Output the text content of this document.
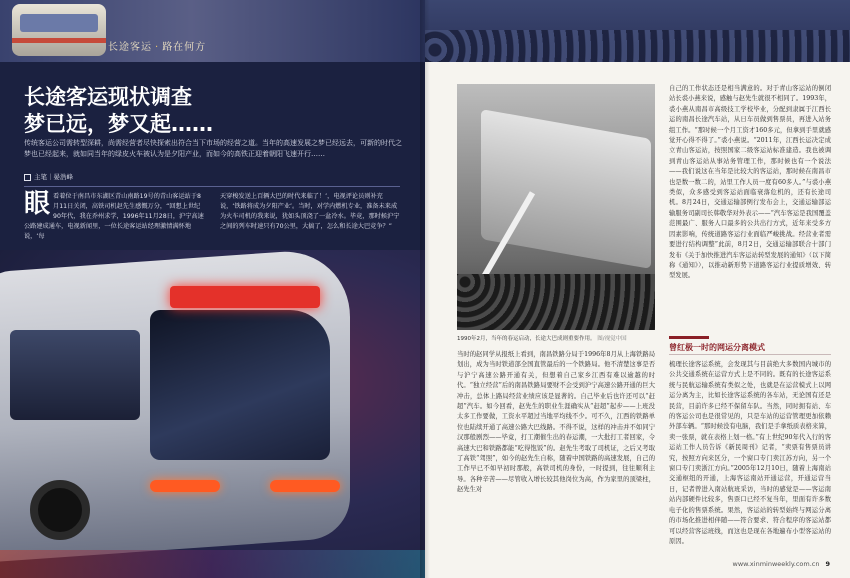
长途客运 · 路在何方
长途客运现状调查
梦已远，梦又起……
传统客运公司需转型深耕，尚需经营者尽快探索出符合当下市场的经营之道。当年的高速发展之梦已经远去，可新的时代之梦也已经起来，就如同当年的绿皮火车被认为是夕阳产业，而如今的高铁正迎着朝阳飞速开行……
主笔｜晏浩峰
眼看着位于南昌市东湖区青山南路19号的青山客运站于8月11日关闭，高铁司机赵先生感慨万分，“回想上世纪90年代，我在乔州求学，1996年11月28日，沪宁高速公路建成通车，电视新闻里，一位长途客运站经理激情满怀地说，‘每
天穿梭发送上百辆大巴的时代来临了！’，电视评论员则补充说，‘铁路将成为夕阳产业’。当时，对学内燃机专业，准备未来成为火车司机的我来说，犹如头顶浇了一盆冷水。毕竟，那时候沪宁之间的列车时速只有70公里，大搞了，怎么和长途大巴竞争？”
1990年2月，当年的春运启动，长途大巴成则重要作用。 图/视觉中国
当时的赵同学从报纸上看到，南昌铁路分局于1996年8月从上海铁路局划出，成为当时铁道部全国直管最后的一个铁路局。他不清楚这事是否与沪宁高速公路开通有关，但想着自己家乡江西有难以逾越的时代。“独立经营”后的南昌铁路局要财不会受到沪宁高速公路开通的巨大冲击，总体上路局经营业绩应该是显著的。自己毕业后也许还可以“赶超”汽车。如今回看，赵先生的职业生涯确实从“赶超”起步——上班没太多工作要做，工资水平超过当地平均线不少。可不久，江西的铁路单位也陆续开通了高速公路大巴线路。不得不说，这样的冲击并不如同宁汉那般剧烈——毕竟，打工潮催生出的春运潮，一大批打工者回家，令高速大巴和铁路都能“吃得饱饭”的。赵先生考取了司机证，之后又考取了高铁“驾照”，如今的赵先生自称，随着中国铁路的高速发展，自己的工作早已不如早初时那般，高铁司机的身份，一时提到，往往顺利主导。各种辛苦——尽管收入增长较其他岗位为高，作为家里的顶梁柱，赵先生对
自己的工作状态还是相当满意的。对于青山客运站的倒闭站长裘小燕来说，感触与赵先生就很不相同了。1993年，裘小燕从南昌市高级技工学校毕业，分配到隶属于江西长运的南昌长途汽车站，从日车员做到售票员，再进入站务组工作。“那时候一个月工资才160多元，但拿到手里就感觉开心得不得了。”裘小燕说。“2011年，江西长运决定成立青山客运站，按照国家二级客运站标准建造。我也被调到青山客运站从事站务管理工作，那时候也有一个说法——我们说这在当年是比较大的客运站，那时候在南昌市也是数一数二的，站里工作人员一度有60多人。”与裘小燕类似，众多感受到客运站面临衰落危机的，还有长途司机。8月24日，交通运输部例行发布会上，交通运输部运输服务司副司长韩敬华对外表示——“汽车客运是我国覆盖范围最广、服务人口最多的公共出行方式，近年来受多方因素影响，传统道路客运行业面临严峻挑战。经营业者需要进行结构调整”此前，8月2日，交通运输部联合十部门发布《关于加快推进汽车客运站转型发展的通知》（以下简称《通知》），以推动新形势下道路客运行业提质增效、转型发展。
曾红极一时的网运分离模式
梳理长途客运系统，会发现其与目前绝大多数国内城市的公共交通系统在运营方式上是不同的。既有的长途客运系统与民航运输系统有类似之处，也就是在运营模式上以网运分离为主，比如长途客运系统的各车站，无论国有还是民营，目前许多已经不保留车队。当然，同时拥有站、车的客运公司也是很常见的，只是车站的运营管理更加依赖外部车辆。“那时候没有电脑，我们是手拿纸质表格来算，卖一张票，就在表格上划一格。”有上世纪90年代入行的客运站工作人员告诉《新民周刊》记者，“卖票有售票员讲究，按照方向来区分，一个窗口专门卖江苏方向，另一个窗口专门卖浙江方向。”2005年12月10日，随着上海南站交通枢纽的开通，上海客运南站开通运营，开通运营当日，记者曾进入南站航班采访，当时的感觉是——客运南站内部硬件比较多，售票口已经不复当年，里面有许多数电子化的售票系统。果然，客运站的转型始终与网运分离的市场化推进相伴随——符合要求、符合程序的客运站都可以经营客运班线，而这也是现在各地遍布小型客运站的原因。
www.xinminweekly.com.cn 9
